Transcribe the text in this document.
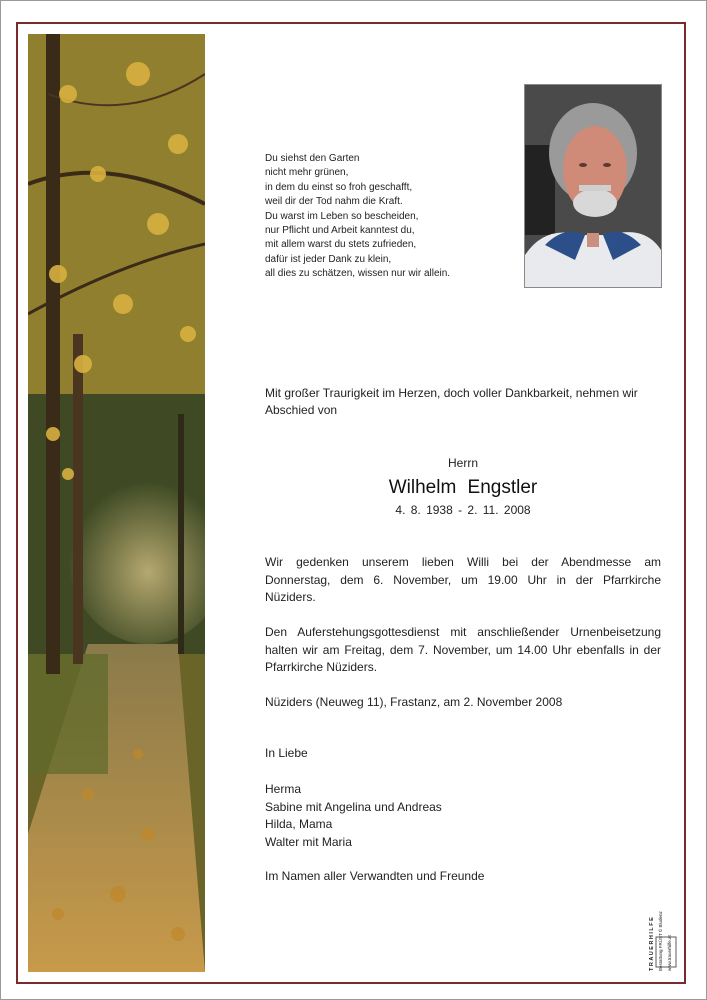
Du siehst den Garten
nicht mehr grünen,
in dem du einst so froh geschafft,
weil dir der Tod nahm die Kraft.
Du warst im Leben so bescheiden,
nur Pflicht und Arbeit kanntest du,
mit allem warst du stets zufrieden,
dafür ist jeder Dank zu klein,
all dies zu schätzen, wissen nur wir allein.
Mit großer Traurigkeit im Herzen, doch voller Dankbarkeit, nehmen wir Abschied von
Herrn
Wilhelm Engstler
4. 8. 1938 - 2. 11. 2008
Wir gedenken unserem lieben Willi bei der Abendmesse am Donnerstag, dem 6. November, um 19.00 Uhr in der Pfarrkirche Nüziders.
Den Auferstehungsgottesdienst mit anschließender Urnenbeisetzung halten wir am Freitag, dem 7. November, um 14.00 Uhr ebenfalls in der Pfarrkirche Nüziders.
Nüziders (Neuweg 11), Frastanz, am 2. November 2008
In Liebe
Herma
Sabine mit Angelina und Andreas
Hilda, Mama
Walter mit Maria
Im Namen aller Verwandten und Freunde
TRAUERHILFE Bestattung FRÜST © Bludenz www.trauerhilfe.at
